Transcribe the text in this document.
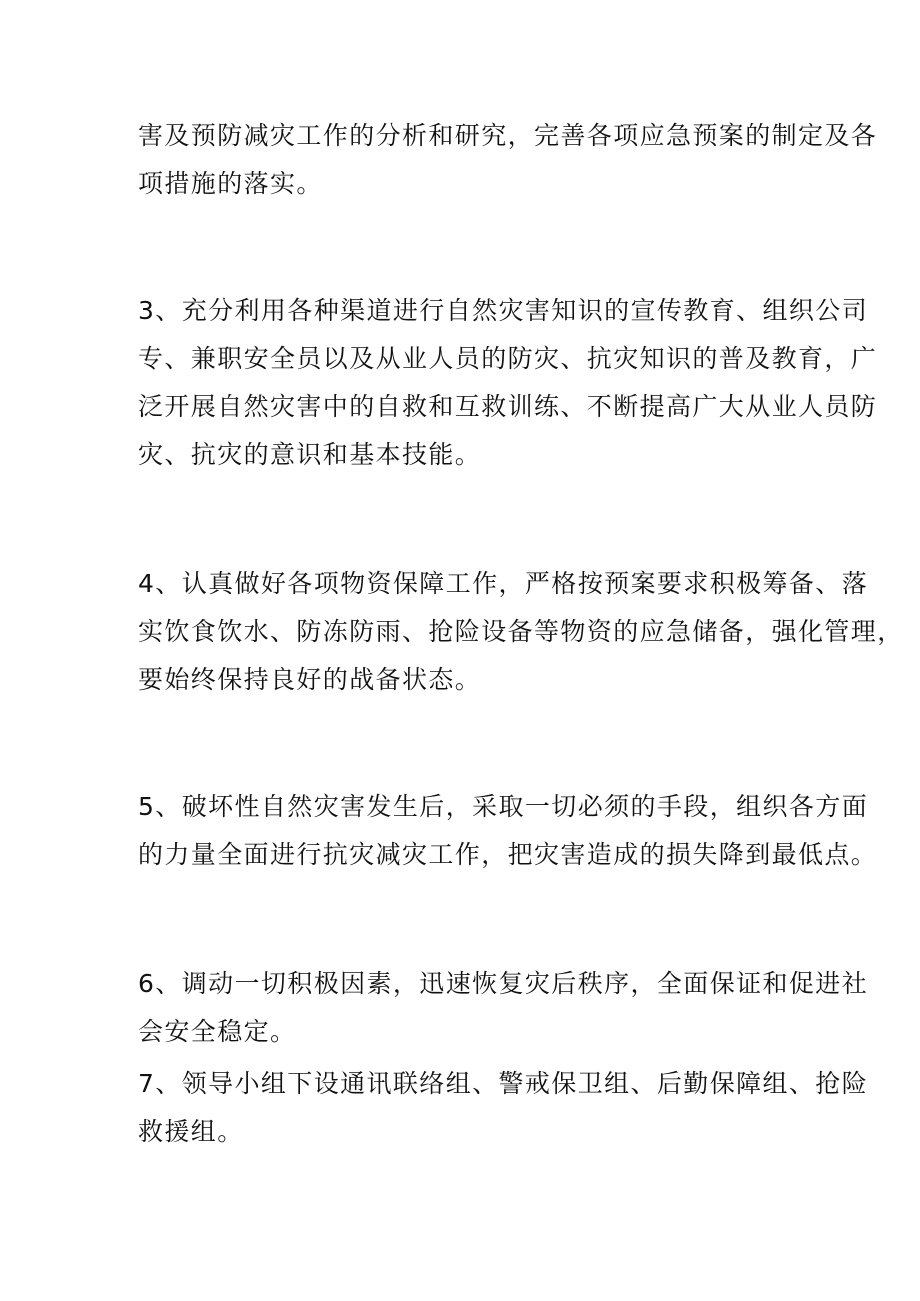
害及预防减灾工作的分析和研究，完善各项应急预案的制定及各
项措施的落实。

3、充分利用各种渠道进行自然灾害知识的宣传教育、组织公司
专、兼职安全员以及从业人员的防灾、抗灾知识的普及教育，广
泛开展自然灾害中的自救和互救训练、不断提高广大从业人员防
灾、抗灾的意识和基本技能。

4、认真做好各项物资保障工作，严格按预案要求积极筹备、落
实饮食饮水、防冻防雨、抢险设备等物资的应急储备，强化管理，
要始终保持良好的战备状态。

5、破坏性自然灾害发生后，采取一切必须的手段，组织各方面
的力量全面进行抗灾减灾工作，把灾害造成的损失降到最低点。

6、调动一切积极因素，迅速恢复灾后秩序，全面保证和促进社
会安全稳定。

7、领导小组下设通讯联络组、警戒保卫组、后勤保障组、抢险
救援组。
